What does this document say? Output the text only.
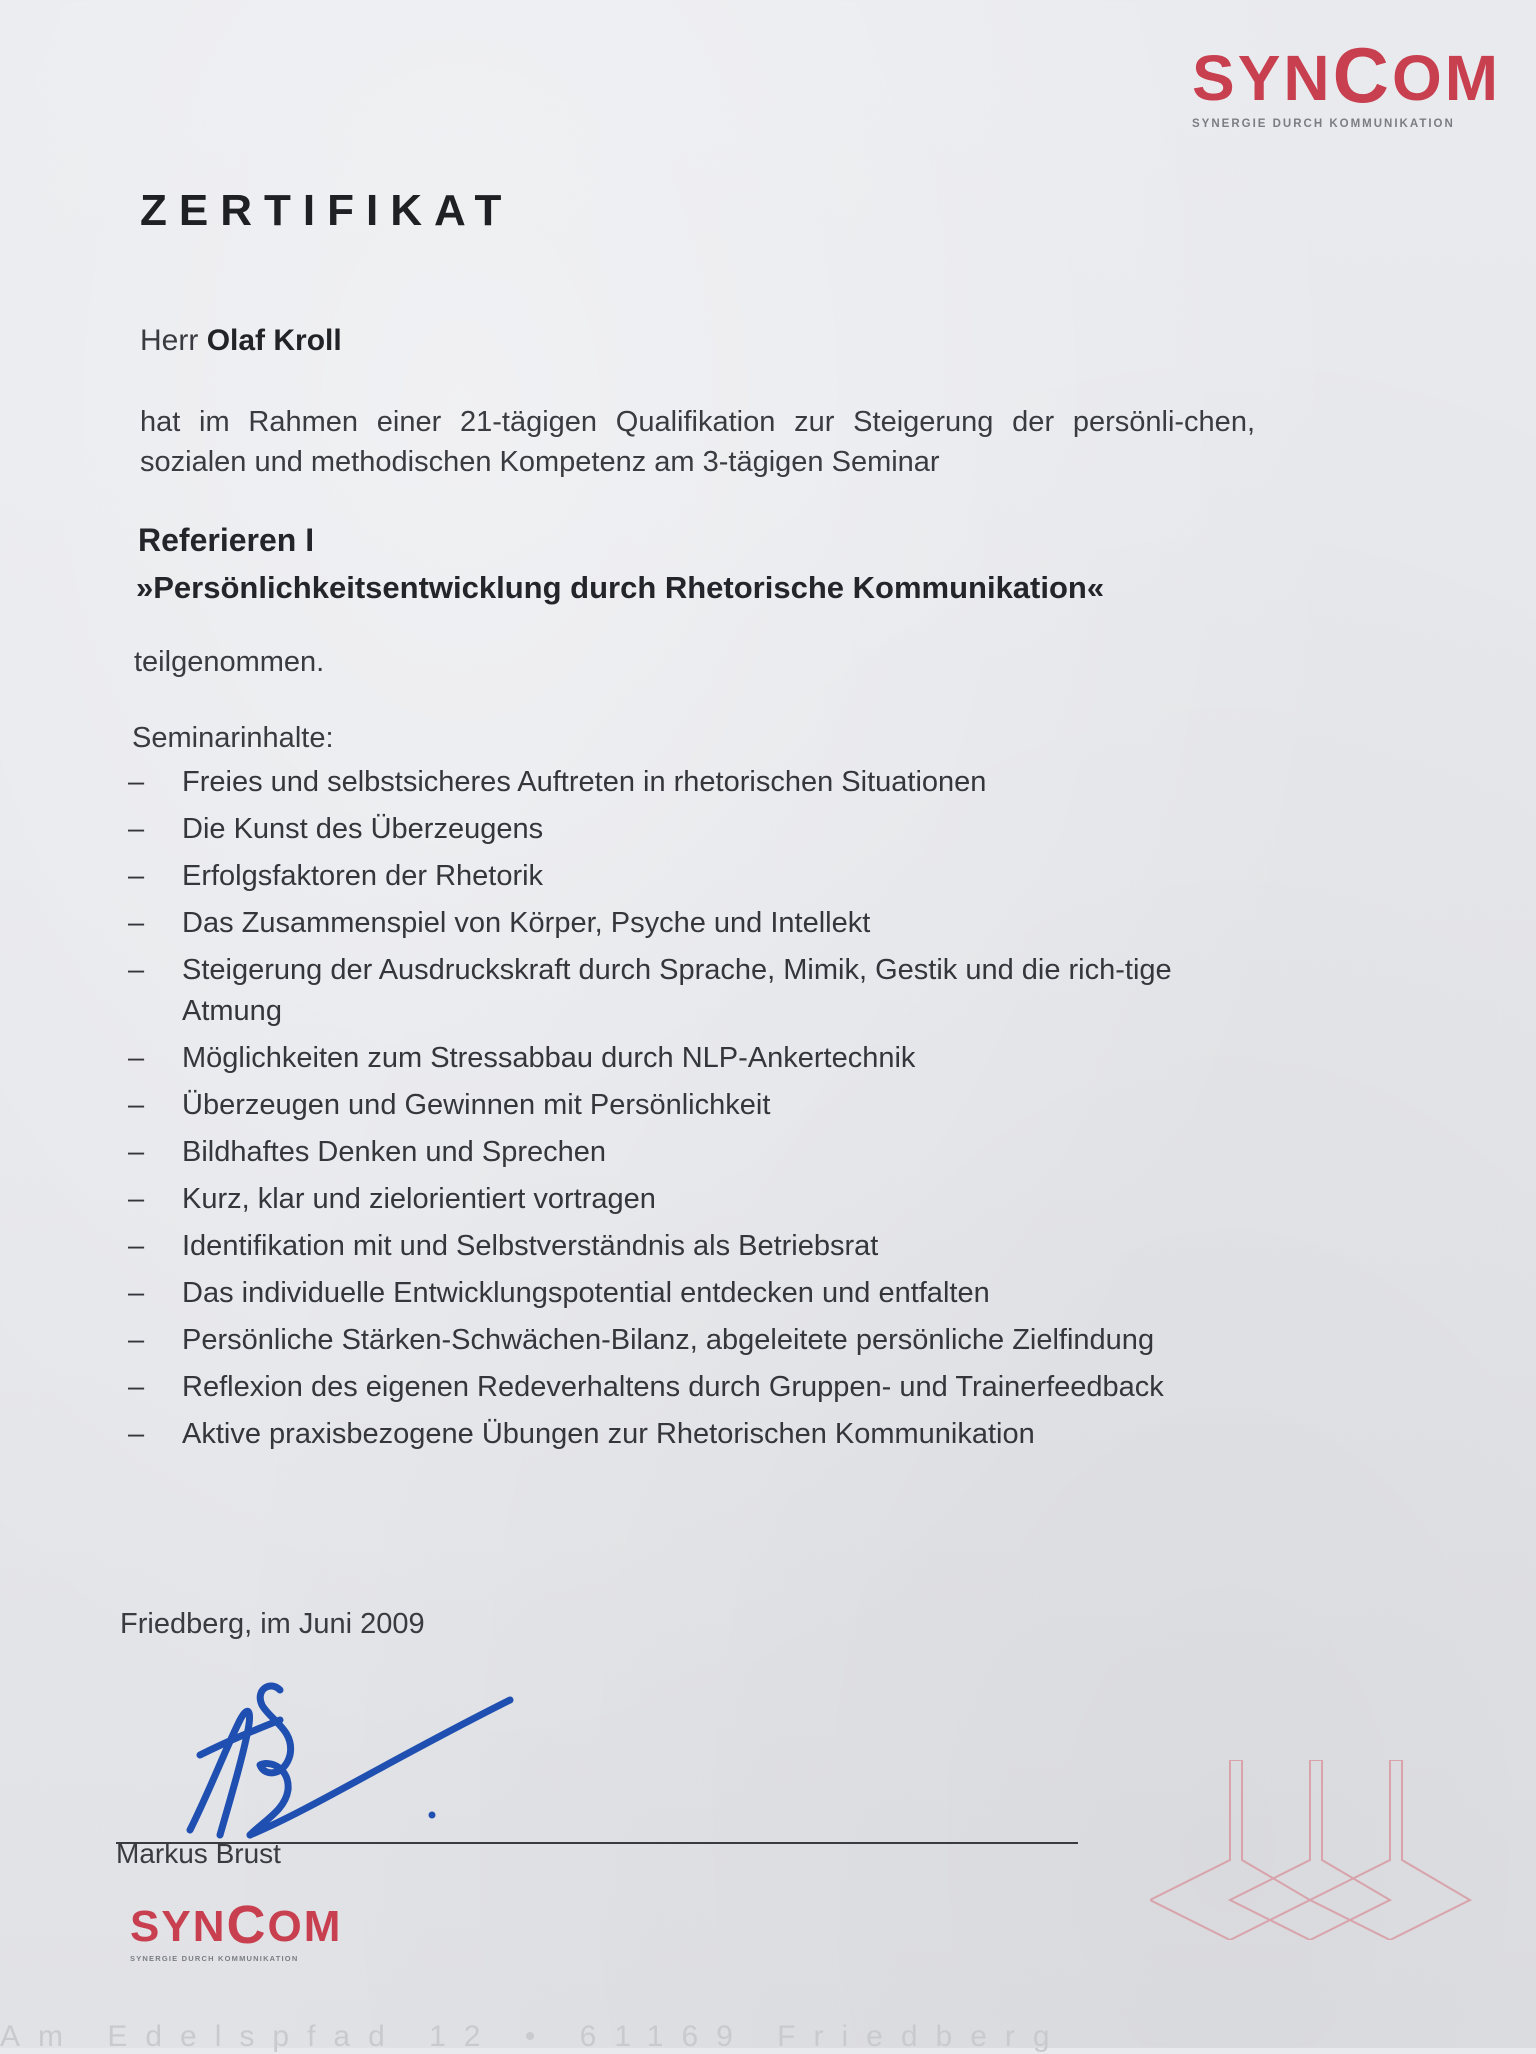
SYNCOM
SYNERGIE DURCH KOMMUNIKATION
ZERTIFIKAT
Herr Olaf Kroll

hat im Rahmen einer 21-tägigen Qualifikation zur Steigerung der persönli-chen, sozialen und methodischen Kompetenz am 3-tägigen Seminar

Referieren I

»Persönlichkeitsentwicklung durch Rhetorische Kommunikation«

teilgenommen.

Seminarinhalte:

– Freies und selbstsicheres Auftreten in rhetorischen Situationen
– Die Kunst des Überzeugens
– Erfolgsfaktoren der Rhetorik
– Das Zusammenspiel von Körper, Psyche und Intellekt
– Steigerung der Ausdruckskraft durch Sprache, Mimik, Gestik und die rich-tige Atmung
– Möglichkeiten zum Stressabbau durch NLP-Ankertechnik
– Überzeugen und Gewinnen mit Persönlichkeit
– Bildhaftes Denken und Sprechen
– Kurz, klar und zielorientiert vortragen
– Identifikation mit und Selbstverständnis als Betriebsrat
– Das individuelle Entwicklungspotential entdecken und entfalten
– Persönliche Stärken-Schwächen-Bilanz, abgeleitete persönliche Zielfindung
– Reflexion des eigenen Redeverhaltens durch Gruppen- und Trainerfeedback
– Aktive praxisbezogene Übungen zur Rhetorischen Kommunikation

Friedberg, im Juni 2009

Markus Brust

SYNCOM
SYNERGIE DURCH KOMMUNIKATION

Am Edelspfad 12 • 61169 Friedberg
